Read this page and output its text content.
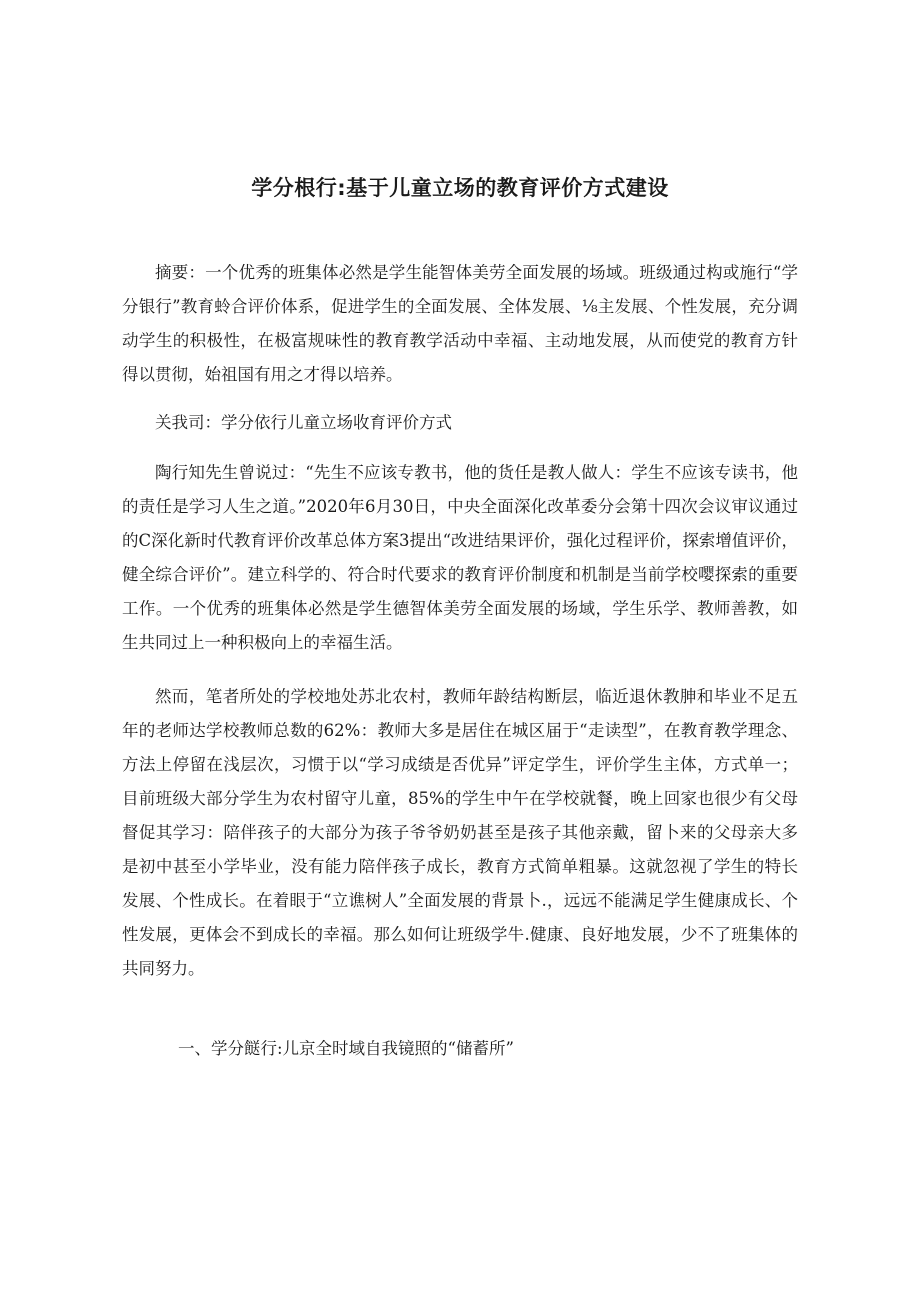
学分根行:基于儿童立场的教育评价方式建设

摘要：一个优秀的班集体必然是学生能智体美劳全面发展的场域。班级通过构或施行“学分银行”教育蛉合评价体系，促进学生的全面发展、全体发展、⅛主发展、个性发展，充分调动学生的积极性，在极富规味性的教育教学活动中幸福、主动地发展，从而使党的教育方针得以贯彻，始祖国有用之才得以培养。

关我司：学分依行儿童立场收育评价方式

陶行知先生曾说过：“先生不应该专教书，他的货任是教人做人：学生不应该专读书，他的责任是学习人生之道。”2020年6月30日，中央全面深化改革委分会第十四次会议审议通过的C深化新时代教育评价改革总体方案3提出“改进结果评价，强化过程评价，探索增值评价，健全综合评价”。建立科学的、符合时代要求的教育评价制度和机制是当前学校嘤探索的重要工作。一个优秀的班集体必然是学生德智体美劳全面发展的场域，学生乐学、教师善教，如生共同过上一种积极向上的幸福生活。

然而，笔者所处的学校地处苏北农村，教师年龄结构断层，临近退休教胂和毕业不足五年的老师达学校教师总数的62%：教师大多是居住在城区届于“走读型”，在教育教学理念、方法上停留在浅层次，习惯于以“学习成绩是否优异”评定学生，评价学生主体，方式单一；目前班级大部分学生为农村留守儿童，85%的学生中午在学校就餐，晚上回家也很少有父母督促其学习：陪伴孩子的大部分为孩子爷爷奶奶甚至是孩子其他亲戴，留卜来的父母亲大多是初中甚至小学毕业，没有能力陪伴孩子成长，教育方式简单粗暴。这就忽视了学生的特长发展、个性成长。在着眼于“立谯树人”全面发展的背景卜.，远远不能满足学生健康成长、个性发展，更体会不到成长的幸福。那么如何让班级学牛.健康、良好地发展，少不了班集体的共同努力。

一、学分餸行:儿京全时域自我镜照的“储蓄所”
